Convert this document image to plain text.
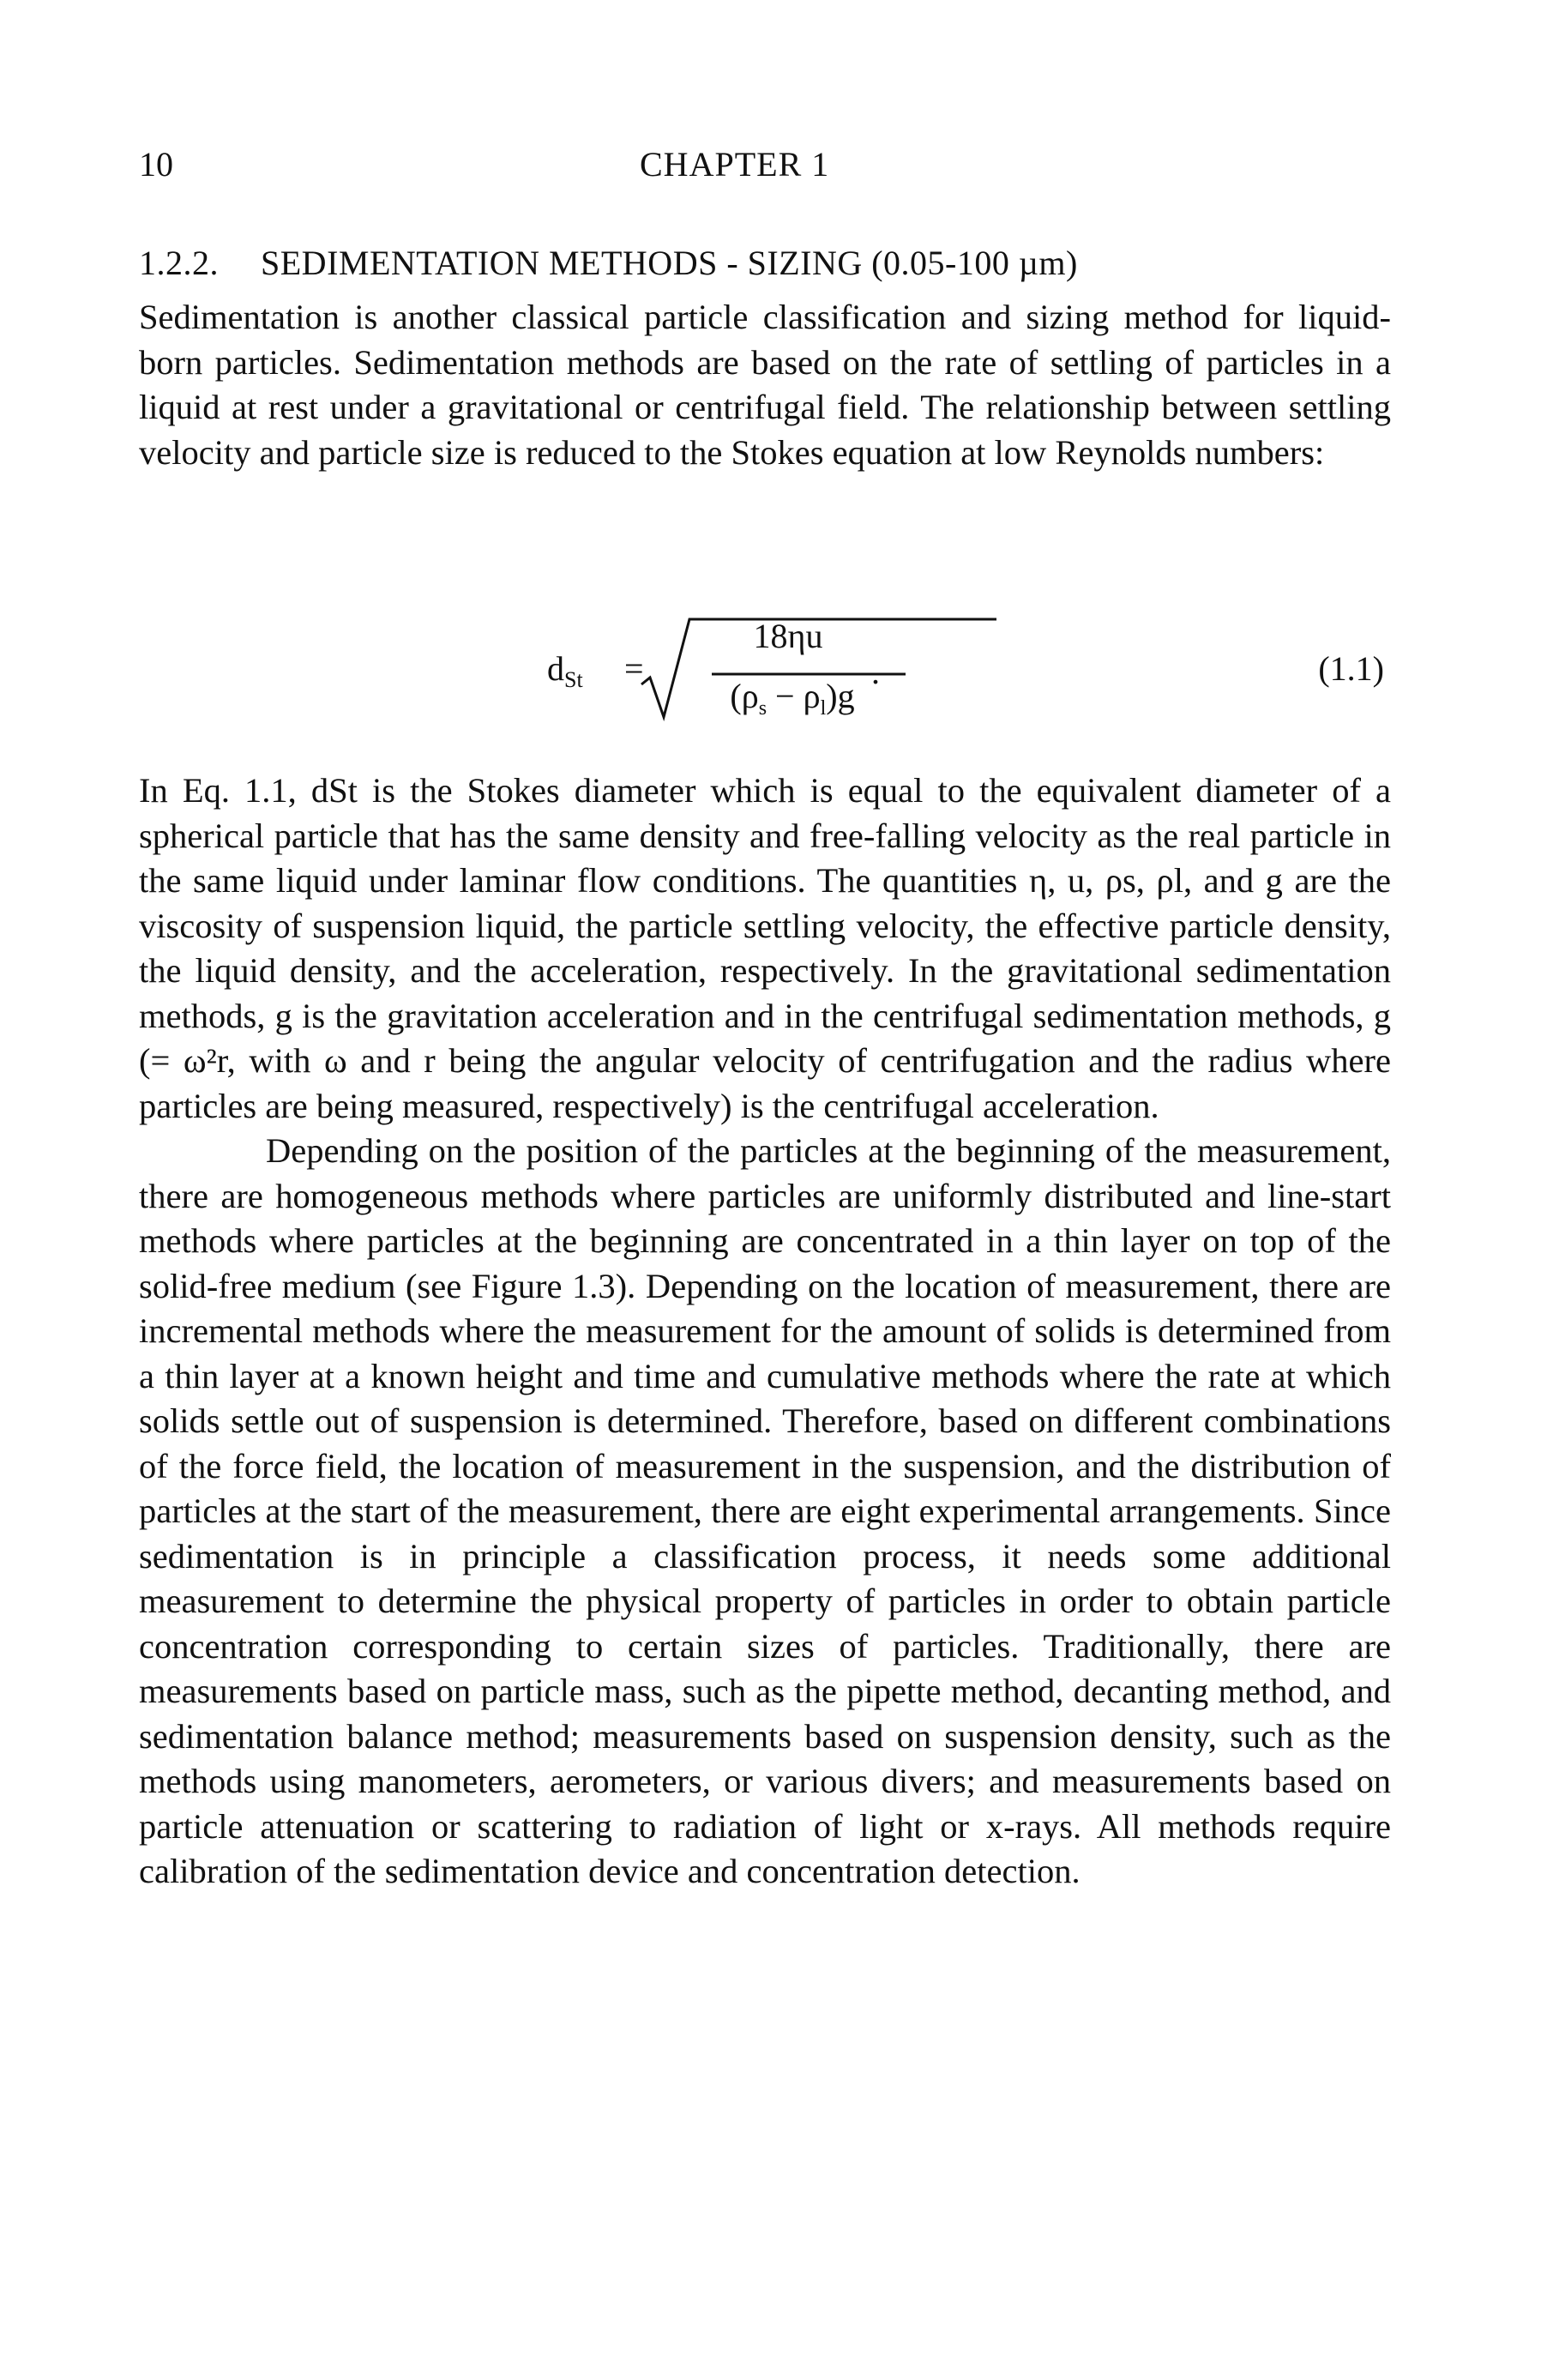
10	CHAPTER 1
1.2.2. SEDIMENTATION METHODS - SIZING (0.05-100 µm)

Sedimentation is another classical particle classification and sizing method for liquid-born particles. Sedimentation methods are based on the rate of settling of particles in a liquid at rest under a gravitational or centrifugal field. The relationship between settling velocity and particle size is reduced to the Stokes equation at low Reynolds numbers:

$d_{St}$ =
18ηu
$(\rho_s - \rho_l)g$
.	(1.1)

In Eq. 1.1, dSt is the Stokes diameter which is equal to the equivalent diameter of a spherical particle that has the same density and free-falling velocity as the real particle in the same liquid under laminar flow conditions. The quantities η, u, ρs, ρl, and g are the viscosity of suspension liquid, the particle settling velocity, the effective particle density, the liquid density, and the acceleration, respectively. In the gravitational sedimentation methods, g is the gravitation acceleration and in the centrifugal sedimentation methods, g (= ω²r, with ω and r being the angular velocity of centrifugation and the radius where particles are being measured, respectively) is the centrifugal acceleration.

Depending on the position of the particles at the beginning of the measurement, there are homogeneous methods where particles are uniformly distributed and line-start methods where particles at the beginning are concentrated in a thin layer on top of the solid-free medium (see Figure 1.3). Depending on the location of measurement, there are incremental methods where the measurement for the amount of solids is determined from a thin layer at a known height and time and cumulative methods where the rate at which solids settle out of suspension is determined. Therefore, based on different combinations of the force field, the location of measurement in the suspension, and the distribution of particles at the start of the measurement, there are eight experimental arrangements. Since sedimentation is in principle a classification process, it needs some additional measurement to determine the physical property of particles in order to obtain particle concentration corresponding to certain sizes of particles. Traditionally, there are measurements based on particle mass, such as the pipette method, decanting method, and sedimentation balance method; measurements based on suspension density, such as the methods using manometers, aerometers, or various divers; and measurements based on particle attenuation or scattering to radiation of light or x-rays. All methods require calibration of the sedimentation device and concentration detection.
